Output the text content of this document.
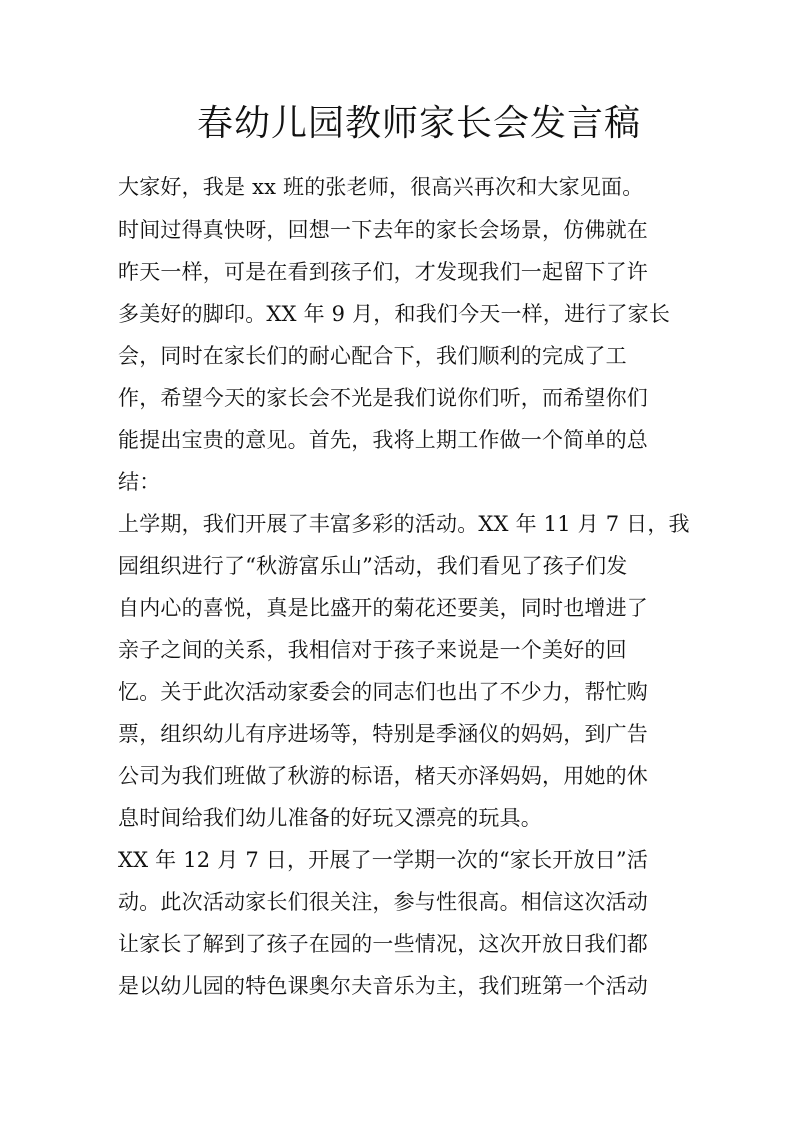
春幼儿园教师家长会发言稿
大家好，我是 xx 班的张老师，很高兴再次和大家见面。
时间过得真快呀，回想一下去年的家长会场景，仿佛就在
昨天一样，可是在看到孩子们，才发现我们一起留下了许
多美好的脚印。XX 年 9 月，和我们今天一样，进行了家长
会，同时在家长们的耐心配合下，我们顺利的完成了工
作，希望今天的家长会不光是我们说你们听，而希望你们
能提出宝贵的意见。首先，我将上期工作做一个简单的总
结：
上学期，我们开展了丰富多彩的活动。XX 年 11 月 7 日，我
园组织进行了“秋游富乐山”活动，我们看见了孩子们发
自内心的喜悦，真是比盛开的菊花还要美，同时也增进了
亲子之间的关系，我相信对于孩子来说是一个美好的回
忆。关于此次活动家委会的同志们也出了不少力，帮忙购
票，组织幼儿有序进场等，特别是季涵仪的妈妈，到广告
公司为我们班做了秋游的标语，楮天亦泽妈妈，用她的休
息时间给我们幼儿准备的好玩又漂亮的玩具。
XX 年 12 月 7 日，开展了一学期一次的“家长开放日”活
动。此次活动家长们很关注，参与性很高。相信这次活动
让家长了解到了孩子在园的一些情况，这次开放日我们都
是以幼儿园的特色课奥尔夫音乐为主，我们班第一个活动
